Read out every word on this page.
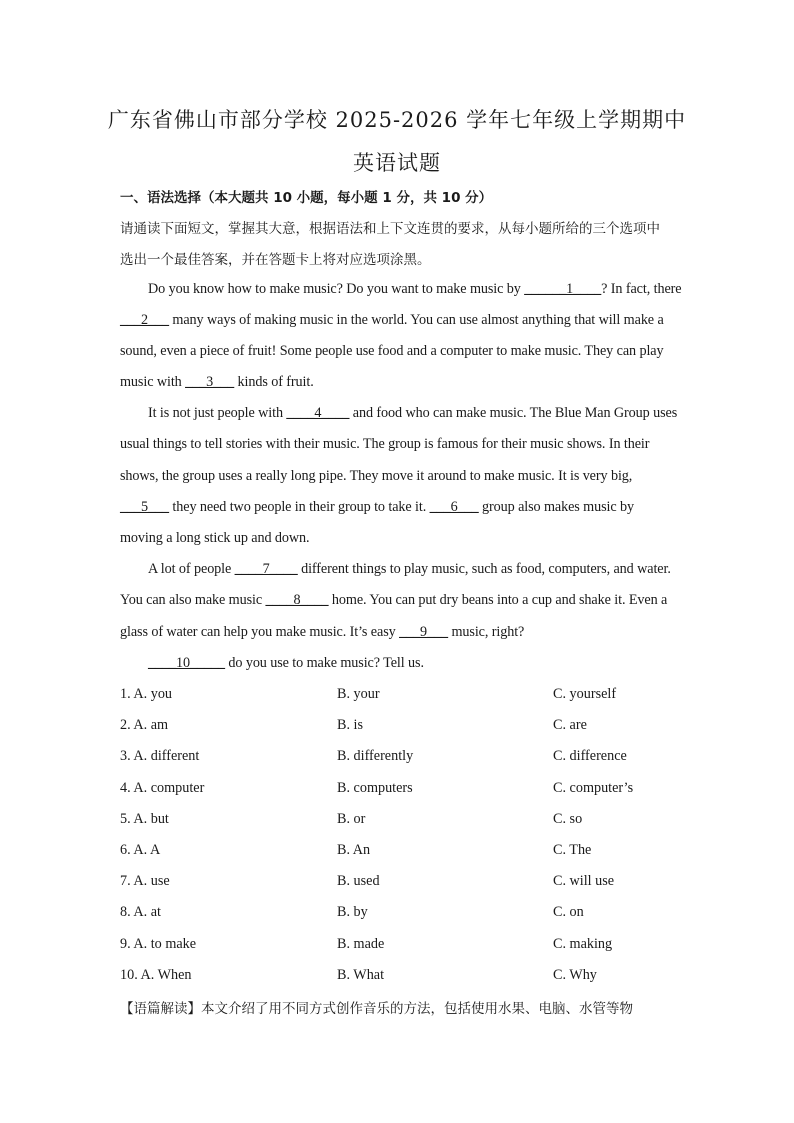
广东省佛山市部分学校 2025-2026 学年七年级上学期期中
英语试题
一、语法选择（本大题共 10 小题，每小题 1 分，共 10 分）
请通读下面短文，掌握其大意，根据语法和上下文连贯的要求，从每小题所给的三个选项中
选出一个最佳答案，并在答题卡上将对应选项涂黑。
Do you know how to make music? Do you want to make music by ______1____? In fact, there
___2___ many ways of making music in the world. You can use almost anything that will make a
sound, even a piece of fruit! Some people use food and a computer to make music. They can play
music with ___3___ kinds of fruit.
It is not just people with ____4____ and food who can make music. The Blue Man Group uses
usual things to tell stories with their music. The group is famous for their music shows. In their
shows, the group uses a really long pipe. They move it around to make music. It is very big,
___5___ they need two people in their group to take it. ___6___ group also makes music by
moving a long stick up and down.
A lot of people ____7____ different things to play music, such as food, computers, and water.
You can also make music ____8____ home. You can put dry beans into a cup and shake it. Even a
glass of water can help you make music. It’s easy ___9___ music, right?
____10_____ do you use to make music? Tell us.
1. A. you	B. your	C. yourself
2. A. am	B. is	C. are
3. A. different	B. differently	C. difference
4. A. computer	B. computers	C. computer’s
5. A. but	B. or	C. so
6. A. A	B. An	C. The
7. A. use	B. used	C. will use
8. A. at	B. by	C. on
9. A. to make	B. made	C. making
10. A. When	B. What	C. Why
【语篇解读】本文介绍了用不同方式创作音乐的方法，包括使用水果、电脑、水管等物
